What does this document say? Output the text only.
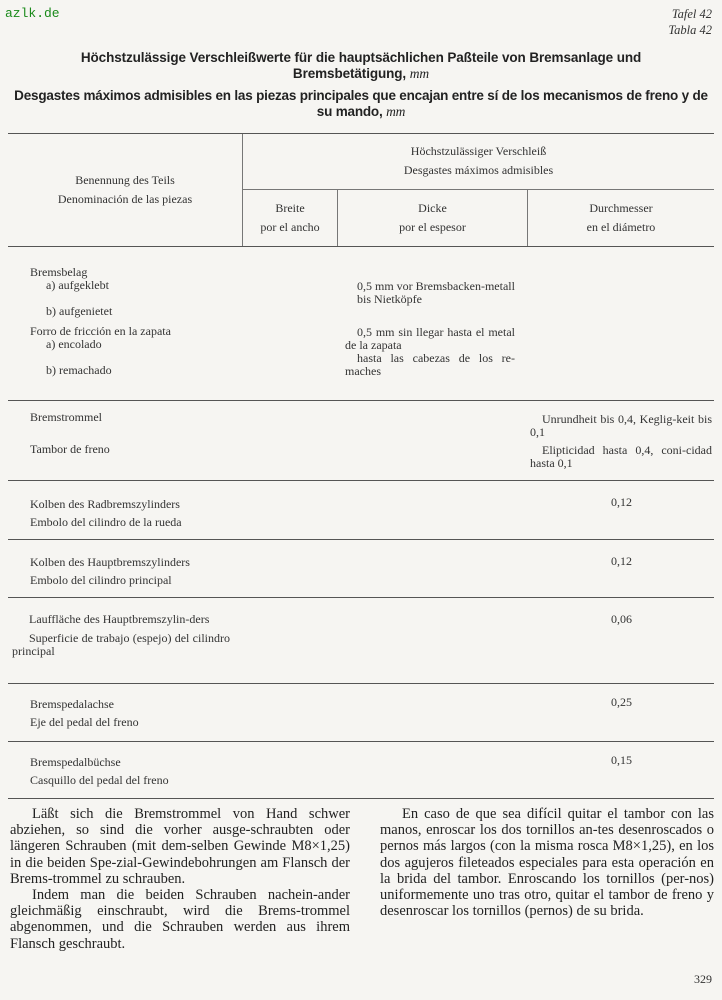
azlk.de	Tafel 42
Tabla 42
Höchstzulässige Verschleißwerte für die hauptsächlichen Paßteile von Bremsanlage und Bremsbetätigung, mm
Desgastes máximos admisibles en las piezas principales que encajan entre sí de los mecanismos de freno y de su mando, mm
Benennung des Teils
Denominación de las piezas
Höchstzulässiger Verschleiß
Desgastes máximos admisibles
Breite
por el ancho
Dicke
por el espesor
Durchmesser
en el diámetro

Bremsbelag

a) aufgeklebt

b) aufgenietet

Forro de fricción en la zapata

a) encolado

b) remachado

0,5 mm vor Bremsbacken-metall

bis Nietköpfe

0,5 mm sin llegar hasta el metal de la zapata

hasta las cabezas de los re-maches

Bremstrommel

Tambor de freno

Unrundheit bis 0,4, Keglig-keit bis 0,1

Elipticidad hasta 0,4, coni-cidad hasta 0,1

Kolben des Radbremszylinders

Embolo del cilindro de la rueda

0,12

Kolben des Hauptbremszylinders

Embolo del cilindro principal

0,12

Lauffläche des Hauptbremszylin-ders

Superficie de trabajo (espejo) del cilindro principal

0,06

Bremspedalachse

Eje del pedal del freno

0,25

Bremspedalbüchse

Casquillo del pedal del freno

0,15

Läßt sich die Bremstrommel von Hand schwer abziehen, so sind die vorher ausge-schraubten oder längeren Schrauben (mit dem-selben Gewinde M8×1,25) in die beiden Spe-zial-Gewindebohrungen am Flansch der Brems-trommel zu schrauben.

Indem man die beiden Schrauben nachein-ander gleichmäßig einschraubt, wird die Brems-trommel abgenommen, und die Schrauben werden aus ihrem Flansch geschraubt.

En caso de que sea difícil quitar el tambor con las manos, enroscar los dos tornillos an-tes desenroscados o pernos más largos (con la misma rosca M8×1,25), en los dos agujeros fileteados especiales para esta operación en la brida del tambor. Enroscando los tornillos (per-nos) uniformemente uno tras otro, quitar el tambor de freno y desenroscar los tornillos (pernos) de su brida.

329
